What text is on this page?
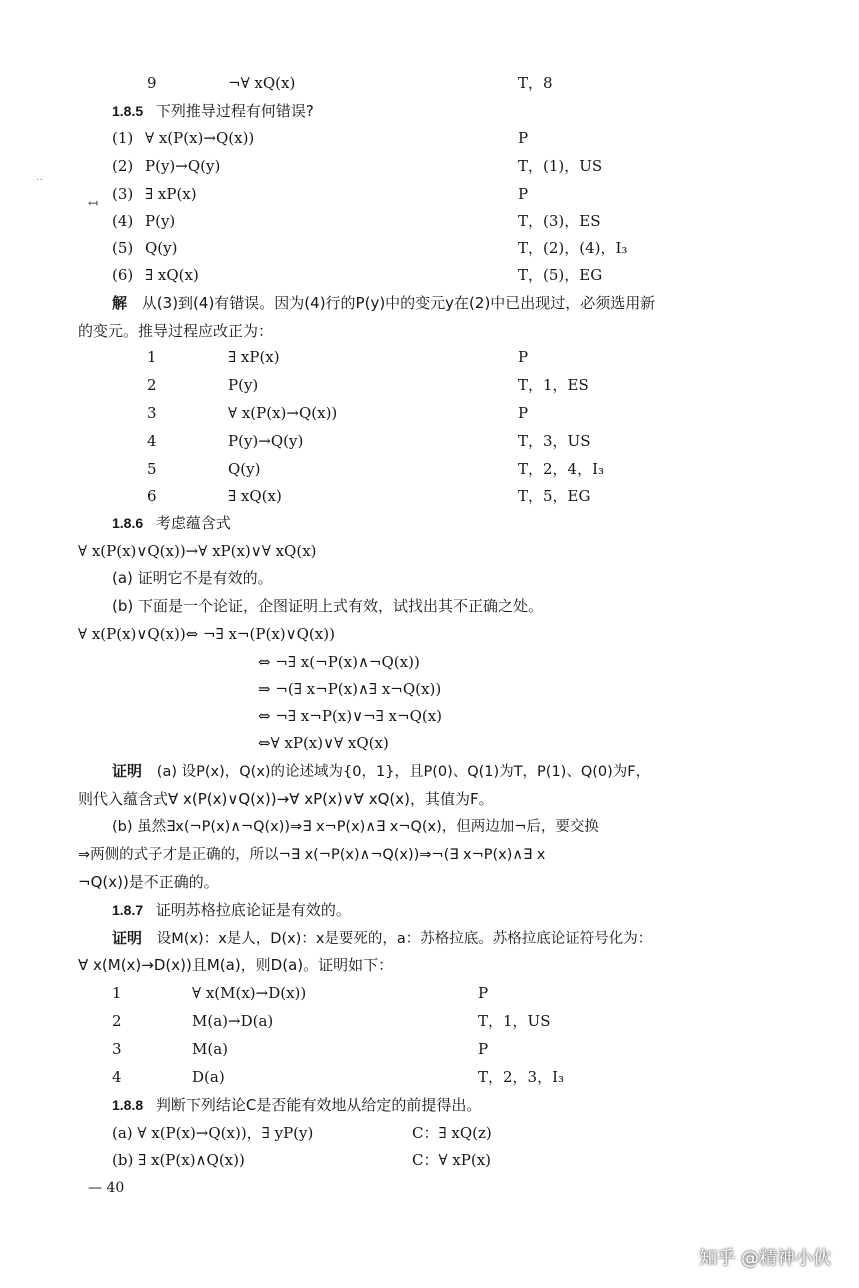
‥
↤
9	¬∀ xQ(x)	T，8
1.8.5 下列推导过程有何错误?
(1) ∀ x(P(x)→Q(x))	P
(2) P(y)→Q(y)	T，(1)，US
(3) ∃ xP(x)	P
(4) P(y)	T，(3)，ES
(5) Q(y)	T，(2)，(4)，I₃
(6) ∃ xQ(x)	T，(5)，EG
解 从(3)到(4)有错误。因为(4)行的P(y)中的变元y在(2)中已出现过，必须选用新
的变元。推导过程应改正为：
1	∃ xP(x)	P
2	P(y)	T，1，ES
3	∀ x(P(x)→Q(x))	P
4	P(y)→Q(y)	T，3，US
5	Q(y)	T，2，4，I₃
6	∃ xQ(x)	T，5，EG
1.8.6 考虑蕴含式
∀ x(P(x)∨Q(x))→∀ xP(x)∨∀ xQ(x)
(a) 证明它不是有效的。
(b) 下面是一个论证，企图证明上式有效，试找出其不正确之处。
∀ x(P(x)∨Q(x))⇔ ¬∃ x¬(P(x)∨Q(x))
⇔ ¬∃ x(¬P(x)∧¬Q(x))
⇒ ¬(∃ x¬P(x)∧∃ x¬Q(x))
⇔ ¬∃ x¬P(x)∨¬∃ x¬Q(x)
⇔∀ xP(x)∨∀ xQ(x)
证明 (a) 设P(x)，Q(x)的论述域为{0，1}，且P(0)、Q(1)为T，P(1)、Q(0)为F，
则代入蕴含式∀ x(P(x)∨Q(x))→∀ xP(x)∨∀ xQ(x)，其值为F。
(b) 虽然∃x(¬P(x)∧¬Q(x))⇒∃ x¬P(x)∧∃ x¬Q(x)，但两边加¬后，要交换
⇒两侧的式子才是正确的，所以¬∃ x(¬P(x)∧¬Q(x))⇒¬(∃ x¬P(x)∧∃ x
¬Q(x))是不正确的。
1.8.7 证明苏格拉底论证是有效的。
证明 设M(x)：x是人，D(x)：x是要死的，a：苏格拉底。苏格拉底论证符号化为：
∀ x(M(x)→D(x))且M(a)，则D(a)。证明如下：
1	∀ x(M(x)→D(x))	P
2	M(a)→D(a)	T，1，US
3	M(a)	P
4	D(a)	T，2，3，I₃
1.8.8 判断下列结论C是否能有效地从给定的前提得出。
(a) ∀ x(P(x)→Q(x))，∃ yP(y)	C：∃ xQ(z)
(b) ∃ x(P(x)∧Q(x))	C：∀ xP(x)
— 40
知乎 @精神小伙
